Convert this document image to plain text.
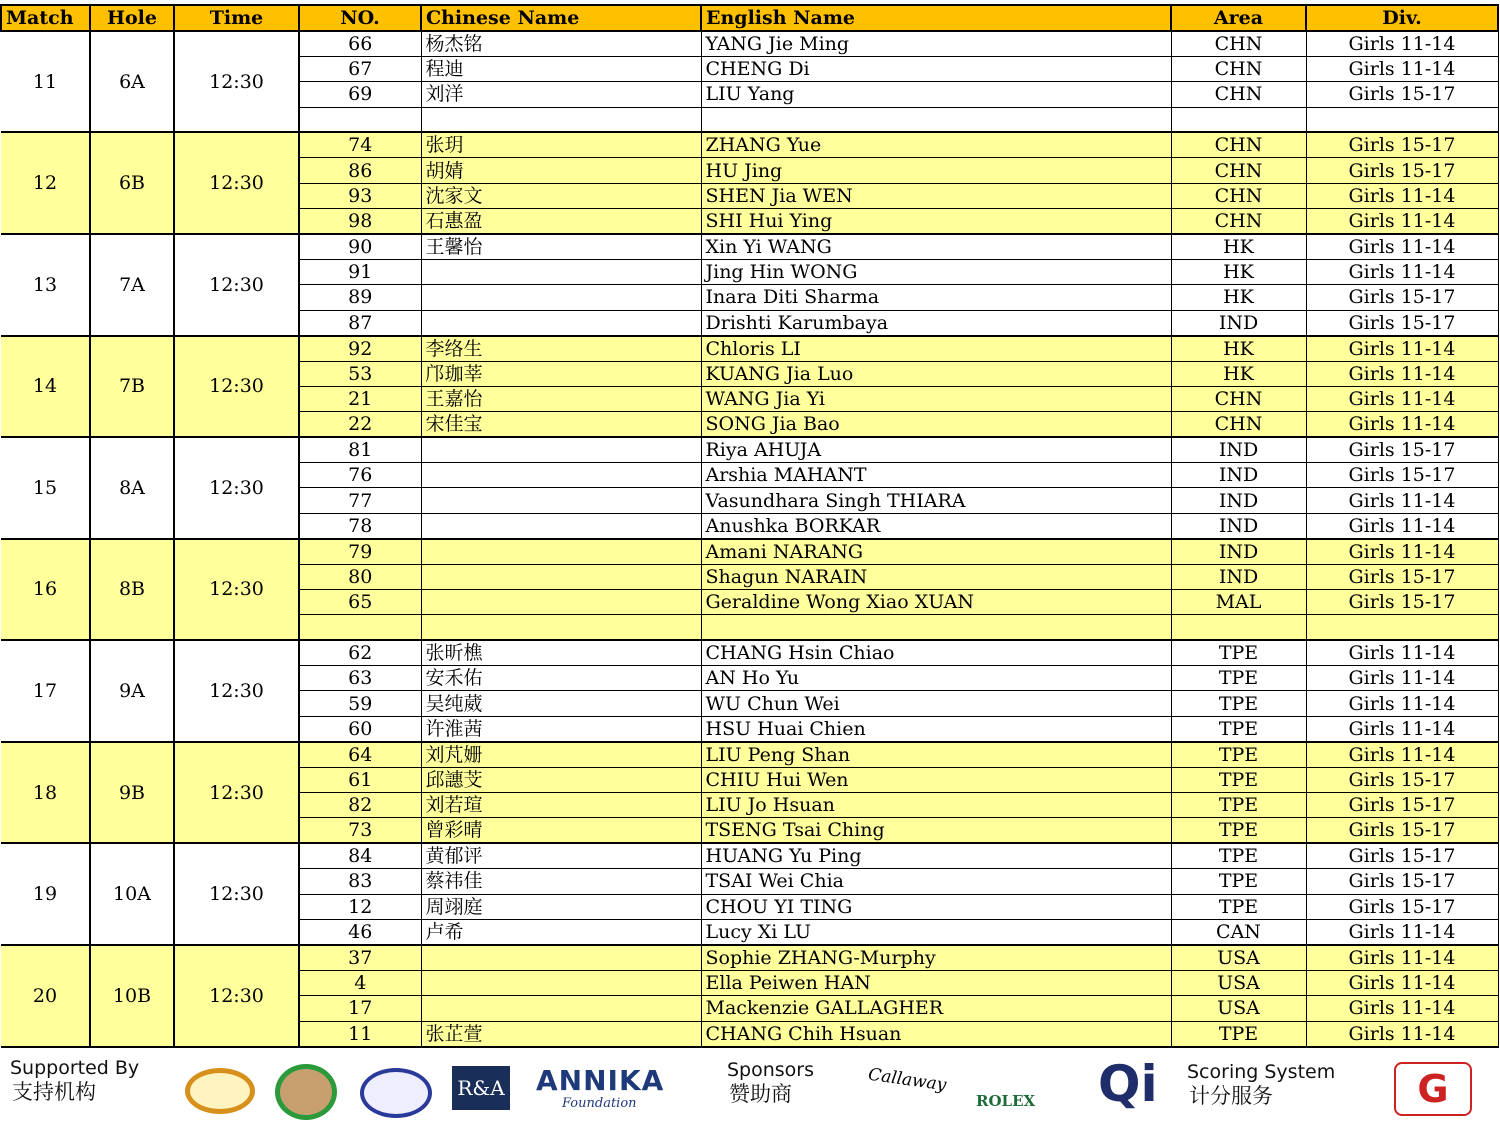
Match	Hole	Time	NO.	Chinese Name	English Name	Area	Div.
11	6A	12:30	66	杨杰铭	YANG Jie Ming	CHN	Girls 11-14
			67	程迪	CHENG Di	CHN	Girls 11-14
			69	刘洋	LIU Yang	CHN	Girls 15-17

12	6B	12:30	74	张玥	ZHANG Yue	CHN	Girls 15-17
			86	胡婧	HU Jing	CHN	Girls 15-17
			93	沈家文	SHEN Jia WEN	CHN	Girls 11-14
			98	石惠盈	SHI Hui Ying	CHN	Girls 11-14
13	7A	12:30	90	王馨怡	Xin Yi WANG	HK	Girls 11-14
			91		Jing Hin WONG	HK	Girls 11-14
			89		Inara Diti Sharma	HK	Girls 15-17
			87		Drishti Karumbaya	IND	Girls 15-17
14	7B	12:30	92	李络生	Chloris LI	HK	Girls 11-14
			53	邝珈莘	KUANG Jia Luo	HK	Girls 11-14
			21	王嘉怡	WANG Jia Yi	CHN	Girls 11-14
			22	宋佳宝	SONG Jia Bao	CHN	Girls 11-14
15	8A	12:30	81		Riya AHUJA	IND	Girls 15-17
			76		Arshia MAHANT	IND	Girls 15-17
			77		Vasundhara Singh THIARA	IND	Girls 11-14
			78		Anushka BORKAR	IND	Girls 11-14
16	8B	12:30	79		Amani NARANG	IND	Girls 11-14
			80		Shagun NARAIN	IND	Girls 15-17
			65		Geraldine Wong Xiao XUAN	MAL	Girls 15-17

17	9A	12:30	62	张昕樵	CHANG Hsin Chiao	TPE	Girls 11-14
			63	安禾佑	AN Ho Yu	TPE	Girls 11-14
			59	吴纯葳	WU Chun Wei	TPE	Girls 11-14
			60	许淮茜	HSU Huai Chien	TPE	Girls 11-14
18	9B	12:30	64	刘芃姗	LIU Peng Shan	TPE	Girls 11-14
			61	邱譓芠	CHIU Hui Wen	TPE	Girls 15-17
			82	刘若瑄	LIU Jo Hsuan	TPE	Girls 15-17
			73	曾彩晴	TSENG Tsai Ching	TPE	Girls 15-17
19	10A	12:30	84	黄郁评	HUANG Yu Ping	TPE	Girls 15-17
			83	蔡祎佳	TSAI Wei Chia	TPE	Girls 15-17
			12	周翊庭	CHOU YI TING	TPE	Girls 15-17
			46	卢希	Lucy Xi LU	CAN	Girls 11-14
20	10B	12:30	37		Sophie ZHANG-Murphy	USA	Girls 11-14
			4		Ella Peiwen HAN	USA	Girls 11-14
			17		Mackenzie GALLAGHER	USA	Girls 11-14
			11	张芷萱	CHANG Chih Hsuan	TPE	Girls 11-14
Supported By
支持机构	R&A ANNIKA
Foundation
Sponsors
赞助商	Callaway
ROLEX Qi Scoring System
计分服务	G
